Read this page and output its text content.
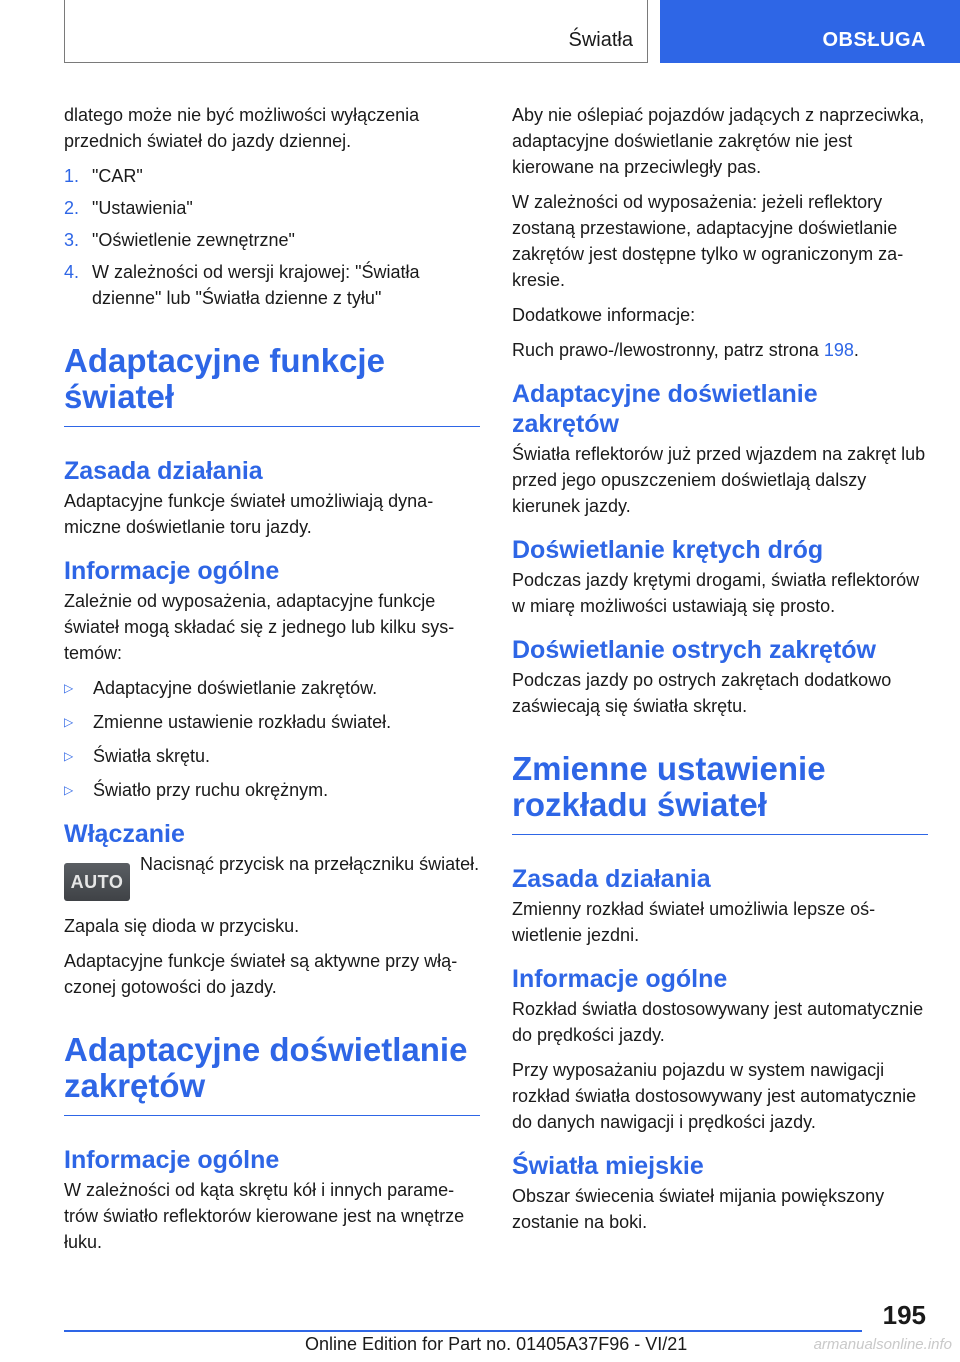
Światła	OBSŁUGA

dlatego może nie być możliwości wyłączenia przednich świateł do jazdy dziennej.

1. "CAR"
2. "Ustawienia"
3. "Oświetlenie zewnętrzne"
4. W zależności od wersji krajowej: "Światła dzienne" lub "Światła dzienne z tyłu"
Adaptacyjne funkcje świateł
Zasada działania

Adaptacyjne funkcje świateł umożliwiają dynamiczne doświetlanie toru jazdy.

Informacje ogólne

Zależnie od wyposażenia, adaptacyjne funkcje świateł mogą składać się z jednego lub kilku systemów:

▷	Adaptacyjne doświetlanie zakrętów.
▷	Zmienne ustawienie rozkładu świateł.
▷	Światła skrętu.
▷	Światło przy ruchu okrężnym.
Włączanie
AUTO
Nacisnąć przycisk na przełączniku świateł.

Zapala się dioda w przycisku.

Adaptacyjne funkcje świateł są aktywne przy włączonej gotowości do jazdy.

Adaptacyjne doświetlanie zakrętów
Informacje ogólne

W zależności od kąta skrętu kół i innych parametrów światło reflektorów kierowane jest na wnętrze łuku.

Aby nie oślepiać pojazdów jadących z naprzeciwka, adaptacyjne doświetlanie zakrętów nie jest kierowane na przeciwległy pas.

W zależności od wyposażenia: jeżeli reflektory zostaną przestawione, adaptacyjne doświetlanie zakrętów jest dostępne tylko w ograniczonym zakresie.

Dodatkowe informacje:

Ruch prawo-/lewostronny, patrz strona 198.

Adaptacyjne doświetlanie zakrętów

Światła reflektorów już przed wjazdem na zakręt lub przed jego opuszczeniem doświetlają dalszy kierunek jazdy.

Doświetlanie krętych dróg

Podczas jazdy krętymi drogami, światła reflektorów w miarę możliwości ustawiają się prosto.

Doświetlanie ostrych zakrętów

Podczas jazdy po ostrych zakrętach dodatkowo zaświecają się światła skrętu.

Zmienne ustawienie rozkładu świateł
Zasada działania

Zmienny rozkład świateł umożliwia lepsze oświetlenie jezdni.

Informacje ogólne

Rozkład światła dostosowywany jest automatycznie do prędkości jazdy.

Przy wyposażaniu pojazdu w system nawigacji rozkład światła dostosowywany jest automatycznie do danych nawigacji i prędkości jazdy.

Światła miejskie

Obszar świecenia świateł mijania powiększony zostanie na boki.

195
Online Edition for Part no. 01405A37F96 - VI/21	armanualsonline.info
